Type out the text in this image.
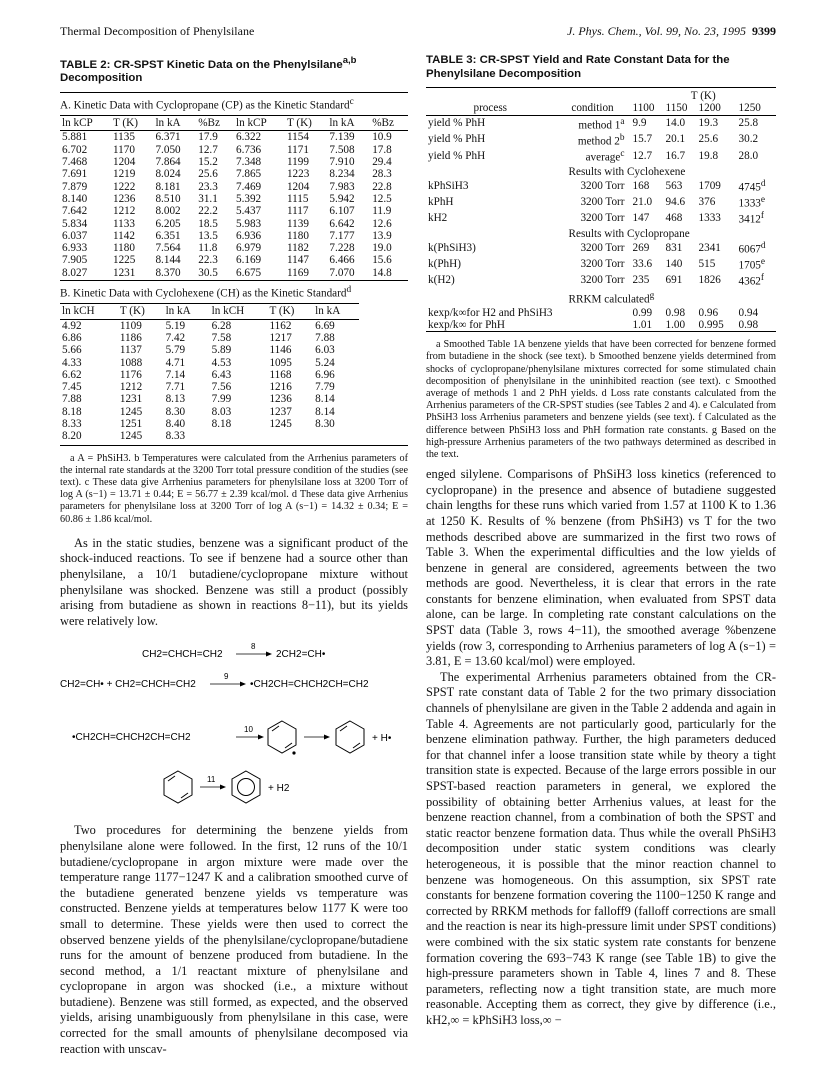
Thermal Decomposition of Phenylsilane	J. Phys. Chem., Vol. 99, No. 23, 1995 9399
TABLE 2: CR-SPST Kinetic Data on the Phenylsilane$^{a,b}$
Decomposition
A. Kinetic Data with Cyclopropane (CP) as the Kinetic Standard$^c$
ln kCP	T (K)	ln kA	%Bz	ln kCP	T (K)	ln kA	%Bz
5.881	1135	6.371	17.9	6.322	1154	7.139	10.9
6.702	1170	7.050	12.7	6.736	1171	7.508	17.8
7.468	1204	7.864	15.2	7.348	1199	7.910	29.4
7.691	1219	8.024	25.6	7.865	1223	8.234	28.3
7.879	1222	8.181	23.3	7.469	1204	7.983	22.8
8.140	1236	8.510	31.1	5.392	1115	5.942	12.5
7.642	1212	8.002	22.2	5.437	1117	6.107	11.9
5.834	1133	6.205	18.5	5.983	1139	6.642	12.6
6.037	1142	6.351	13.5	6.936	1180	7.177	13.9
6.933	1180	7.564	11.8	6.979	1182	7.228	19.0
7.905	1225	8.144	22.3	6.169	1147	6.466	15.6
8.027	1231	8.370	30.5	6.675	1169	7.070	14.8
B. Kinetic Data with Cyclohexene (CH) as the Kinetic Standard$^d$
ln kCH	T (K)	ln kA	ln kCH	T (K)	ln kA
4.92	1109	5.19	6.28	1162	6.69
6.86	1186	7.42	7.58	1217	7.88
5.66	1137	5.79	5.89	1146	6.03
4.33	1088	4.71	4.53	1095	5.24
6.62	1176	7.14	6.43	1168	6.96
7.45	1212	7.71	7.56	1216	7.79
7.88	1231	8.13	7.99	1236	8.14
8.18	1245	8.30	8.03	1237	8.14
8.33	1251	8.40	8.18	1245	8.30
8.20	1245	8.33			
a A = PhSiH3. b Temperatures were calculated from the Arrhenius parameters of the internal rate standards at the 3200 Torr total pressure condition of the studies (see text). c These data give Arrhenius parameters for phenylsilane loss at 3200 Torr of log A (s−1) = 13.71 ± 0.44; E = 56.77 ± 2.39 kcal/mol. d These data give Arrhenius parameters for phenylsilane loss at 3200 Torr of log A (s−1) = 14.32 ± 0.34; E = 60.86 ± 1.86 kcal/mol.

As in the static studies, benzene was a significant product of the shock-induced reactions. To see if benzene had a source other than phenylsilane, a 10/1 butadiene/cyclopropane mixture without phenylsilane was shocked. Benzene was still a product (possibly arising from butadiene as shown in reactions 8−11), but its yields were relatively low.

CH2=CHCH=CH2
8
2CH2=CH•
CH2=CH• + CH2=CHCH=CH2
9
•CH2CH=CHCH2CH=CH2
•CH2CH=CHCH2CH=CH2
10
+ H•
11
+ H2

Two procedures for determining the benzene yields from phenylsilane alone were followed. In the first, 12 runs of the 10/1 butadiene/cyclopropane in argon mixture were made over the temperature range 1177−1247 K and a calibration smoothed curve of the butadiene generated benzene yields vs temperature was constructed. Benzene yields at temperatures below 1177 K were too small to determine. These yields were then used to correct the observed benzene yields of the phenylsilane/cyclopropane/butadiene runs for the amount of benzene produced from butadiene. In the second method, a 1/1 reactant mixture of phenylsilane and cyclopropane in argon was shocked (i.e., a mixture without butadiene). Benzene was still formed, as expected, and the observed yields, arising unambiguously from phenylsilane in this case, were corrected for the small amounts of phenylsilane decomposed via reaction with unscav-

TABLE 3: CR-SPST Yield and Rate Constant Data for the
Phenylsilane Decomposition
		T (K)			
process	condition	1100	1150	1200	1250
yield % PhH	method 1$^a$	9.9	14.0	19.3	25.8
yield % PhH	method 2$^b$	15.7	20.1	25.6	30.2
yield % PhH	average$^c$	12.7	16.7	19.8	28.0
	Results with Cyclohexene				
kPhSiH3	3200 Torr	168	563	1709	4745$^d$
kPhH	3200 Torr	21.0	94.6	376	1333e
kH2	3200 Torr	147	468	1333	3412$^f$
	Results with Cyclopropane				
k(PhSiH3)	3200 Torr	269	831	2341	6067$^d$
k(PhH)	3200 Torr	33.6	140	515	1705e
k(H2)	3200 Torr	235	691	1826	4362$^f$
	RRKM calculated$^g$
kexp/k∞for H2 and PhSiH3		0.99	0.98	0.96	0.94
kexp/k∞ for PhH		1.01	1.00	0.995	0.98
a Smoothed Table 1A benzene yields that have been corrected for benzene formed from butadiene in the shock (see text). b Smoothed benzene yields determined from shocks of cyclopropane/phenylsilane mixtures corrected for some stimulated chain decomposition of phenylsilane in the uninhibited reaction (see text). c Smoothed average of methods 1 and 2 PhH yields. d Loss rate constants calculated from the Arrhenius parameters of the CR-SPST studies (see Tables 2 and 4). e Calculated from PhSiH3 loss Arrhenius parameters and benzene yields (see text). f Calculated as the difference between PhSiH3 loss and PhH formation rate constants. g Based on the high-pressure Arrhenius parameters of the two pathways determined as described in the text.

enged silylene. Comparisons of PhSiH3 loss kinetics (referenced to cyclopropane) in the presence and absence of butadiene suggested chain lengths for these runs which varied from 1.57 at 1100 K to 1.36 at 1250 K. Results of % benzene (from PhSiH3) vs T for the two methods described above are summarized in the first two rows of Table 3. When the experimental difficulties and the low yields of benzene in general are considered, agreements between the two methods are good. Nevertheless, it is clear that errors in the rate constants for benzene elimination, when evaluated from SPST data alone, can be large. In completing rate constant calculations on the SPST data (Table 3, rows 4−11), the smoothed average %benzene yields (row 3, corresponding to Arrhenius parameters of log A (s−1) = 3.81, E = 13.60 kcal/mol) were employed.

The experimental Arrhenius parameters obtained from the CR-SPST rate constant data of Table 2 for the two primary dissociation channels of phenylsilane are given in the Table 2 addenda and again in Table 4. Agreements are not particularly good, particularly for the benzene elimination pathway. Further, the high parameters deduced for that channel infer a loose transition state while by theory a tight transition state is expected. Because of the large errors possible in our SPST-based reaction parameters in general, we explored the possibility of obtaining better Arrhenius values, at least for the benzene reaction channel, from a combination of both the SPST and static reactor benzene formation data. Thus while the overall PhSiH3 decomposition under static system conditions was clearly heterogeneous, it is possible that the minor reaction channel to benzene was homogeneous. On this assumption, six SPST rate constants for benzene formation covering the 1100−1250 K range and corrected by RRKM methods for falloff9 (falloff corrections are small and the reaction is near its high-pressure limit under SPST conditions) were combined with the six static system rate constants for benzene formation covering the 693−743 K range (see Table 1B) to give the high-pressure parameters shown in Table 4, lines 7 and 8. These parameters, reflecting now a tight transition state, are much more reasonable. Accepting them as correct, they give by difference (i.e., kH2,∞ = kPhSiH3 loss,∞ −
